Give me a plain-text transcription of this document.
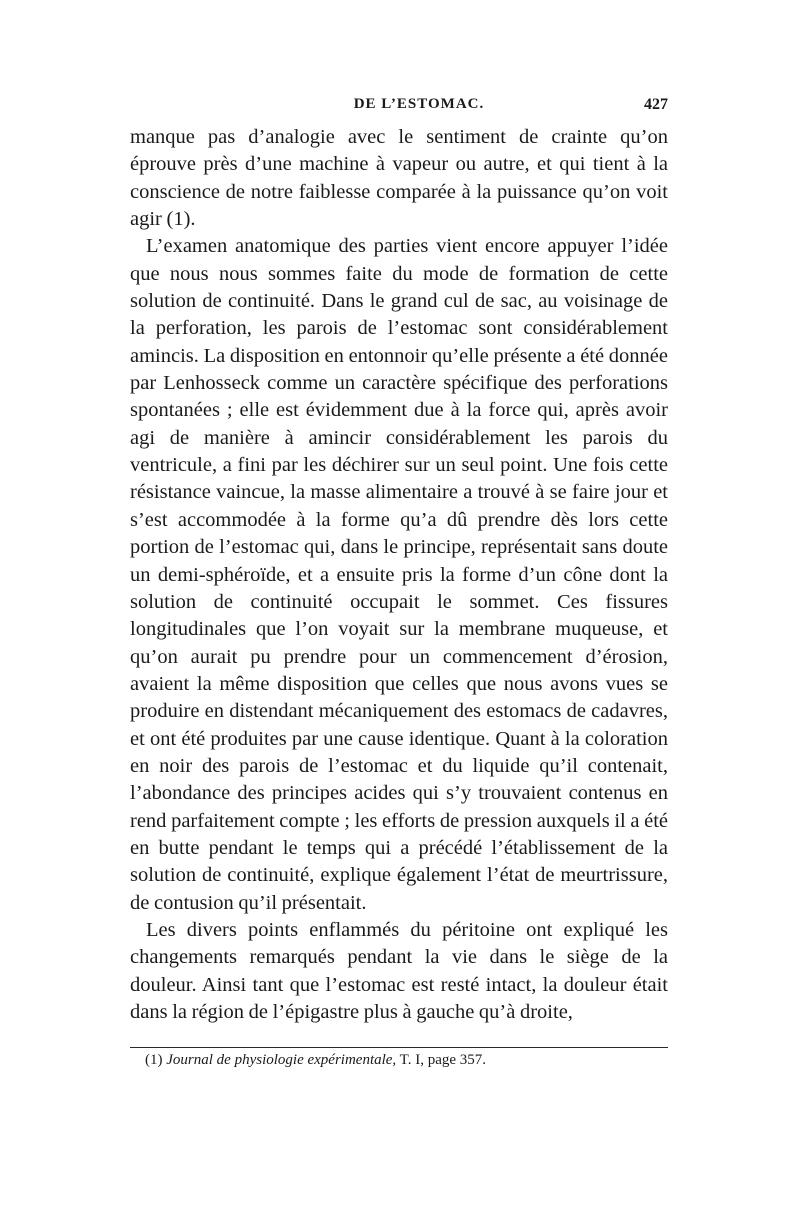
DE L’ESTOMAC.	427

manque pas d’analogie avec le sentiment de crainte qu’on éprouve près d’une machine à vapeur ou autre, et qui tient à la conscience de notre faiblesse comparée à la puissance qu’on voit agir (1).

L’examen anatomique des parties vient encore appuyer l’idée que nous nous sommes faite du mode de formation de cette solution de continuité. Dans le grand cul de sac, au voisinage de la perforation, les parois de l’estomac sont considérablement amincis. La disposition en entonnoir qu’elle présente a été donnée par Lenhosseck comme un caractère spécifique des perforations spontanées ; elle est évidemment due à la force qui, après avoir agi de manière à amincir considérablement les parois du ventricule, a fini par les déchirer sur un seul point. Une fois cette résistance vaincue, la masse alimentaire a trouvé à se faire jour et s’est accommodée à la forme qu’a dû prendre dès lors cette portion de l’estomac qui, dans le principe, représentait sans doute un demi-sphéroïde, et a ensuite pris la forme d’un cône dont la solution de continuité occupait le sommet. Ces fissures longitudinales que l’on voyait sur la membrane muqueuse, et qu’on aurait pu prendre pour un commencement d’érosion, avaient la même disposition que celles que nous avons vues se produire en distendant mécaniquement des estomacs de cadavres, et ont été produites par une cause identique. Quant à la coloration en noir des parois de l’estomac et du liquide qu’il contenait, l’abondance des principes acides qui s’y trouvaient contenus en rend parfaitement compte ; les efforts de pression auxquels il a été en butte pendant le temps qui a précédé l’établissement de la solution de continuité, explique également l’état de meurtrissure, de contusion qu’il présentait.

Les divers points enflammés du péritoine ont expliqué les changements remarqués pendant la vie dans le siège de la douleur. Ainsi tant que l’estomac est resté intact, la douleur était dans la région de l’épigastre plus à gauche qu’à droite,

(1) Journal de physiologie expérimentale, T. I, page 357.
